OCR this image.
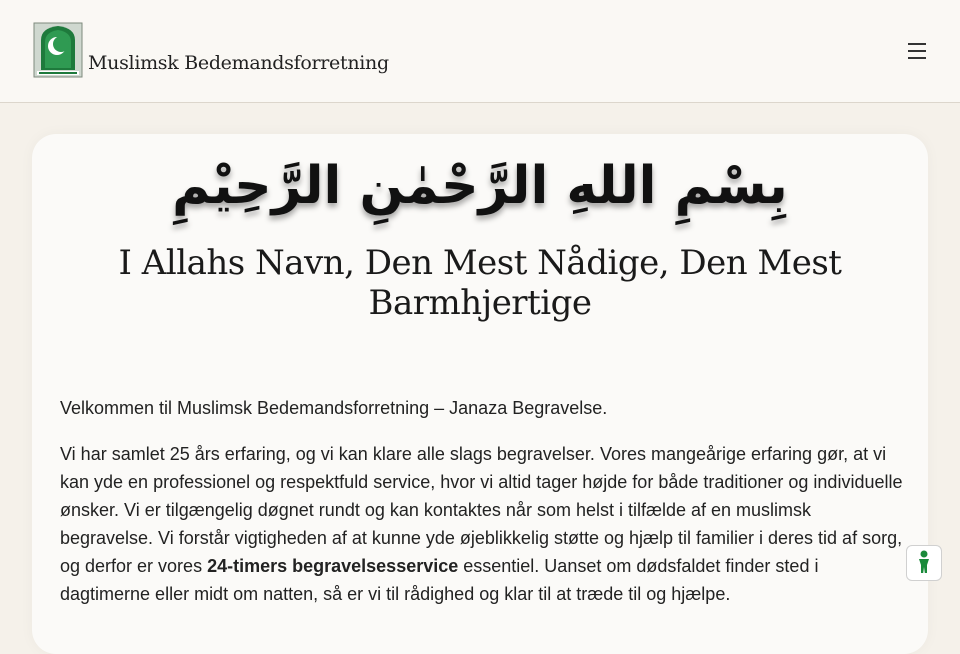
Muslimsk Bedemandsforretning
بِسْمِ اللهِ الرَّحْمٰنِ الرَّحِيْمِ
I Allahs Navn, Den Mest Nådige, Den Mest Barmhjertige

Velkommen til Muslimsk Bedemandsforretning – Janaza Begravelse.

Vi har samlet 25 års erfaring, og vi kan klare alle slags begravelser. Vores mangeårige erfaring gør, at vi kan yde en professionel og respektfuld service, hvor vi altid tager højde for både traditioner og individuelle ønsker. Vi er tilgængelig døgnet rundt og kan kontaktes når som helst i tilfælde af en muslimsk begravelse. Vi forstår vigtigheden af at kunne yde øjeblikkelig støtte og hjælp til familier i deres tid af sorg, og derfor er vores 24-timers begravelsesservice essentiel. Uanset om dødsfaldet finder sted i dagtimerne eller midt om natten, så er vi til rådighed og klar til at træde til og hjælpe.
